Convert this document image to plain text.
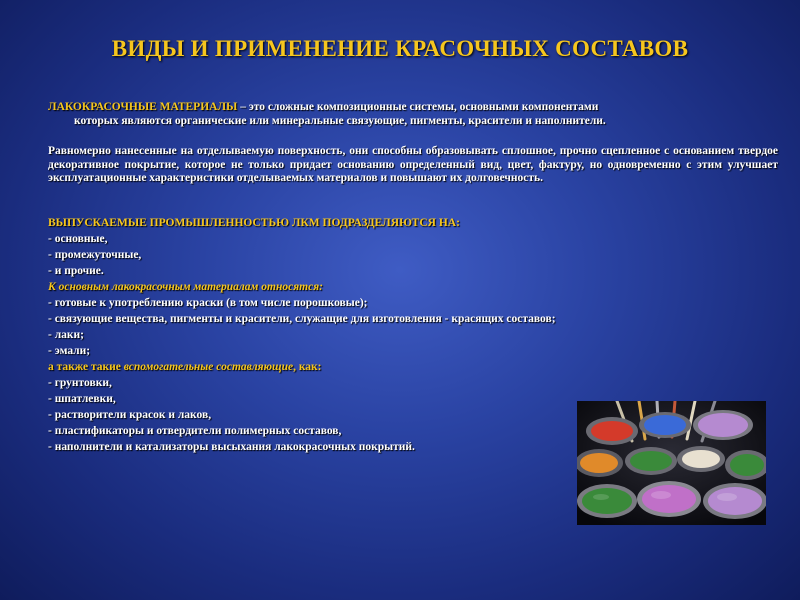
ВИДЫ И ПРИМЕНЕНИЕ КРАСОЧНЫХ СОСТАВОВ
ЛАКОКРАСОЧНЫЕ МАТЕРИАЛЫ – это сложные композиционные системы, основными компонентами
которых являются органические или минеральные связующие, пигменты, красители и наполнители.
Равномерно нанесенные на отделываемую поверхность, они способны образовывать сплошное, прочно сцепленное с основанием твердое декоративное покрытие, которое не только придает основанию определенный вид, цвет, фактуру, но одновременно с этим улучшает эксплуатационные характеристики отделываемых материалов и повышают их долговечность.
ВЫПУСКАЕМЫЕ ПРОМЫШЛЕННОСТЬЮ ЛКМ ПОДРАЗДЕЛЯЮТСЯ НА:
- основные,
- промежуточные,
- и прочие.
К основным лакокрасочным материалам относятся:
- готовые к употреблению краски (в том числе порошковые);
- связующие вещества, пигменты и красители, служащие для изготовления - красящих составов;
- лаки;
- эмали;
а также такие вспомогательные составляющие, как:
- грунтовки,
- шпатлевки,
- растворители красок и лаков,
- пластификаторы и отвердители полимерных составов,
- наполнители и катализаторы высыхания лакокрасочных покрытий.
